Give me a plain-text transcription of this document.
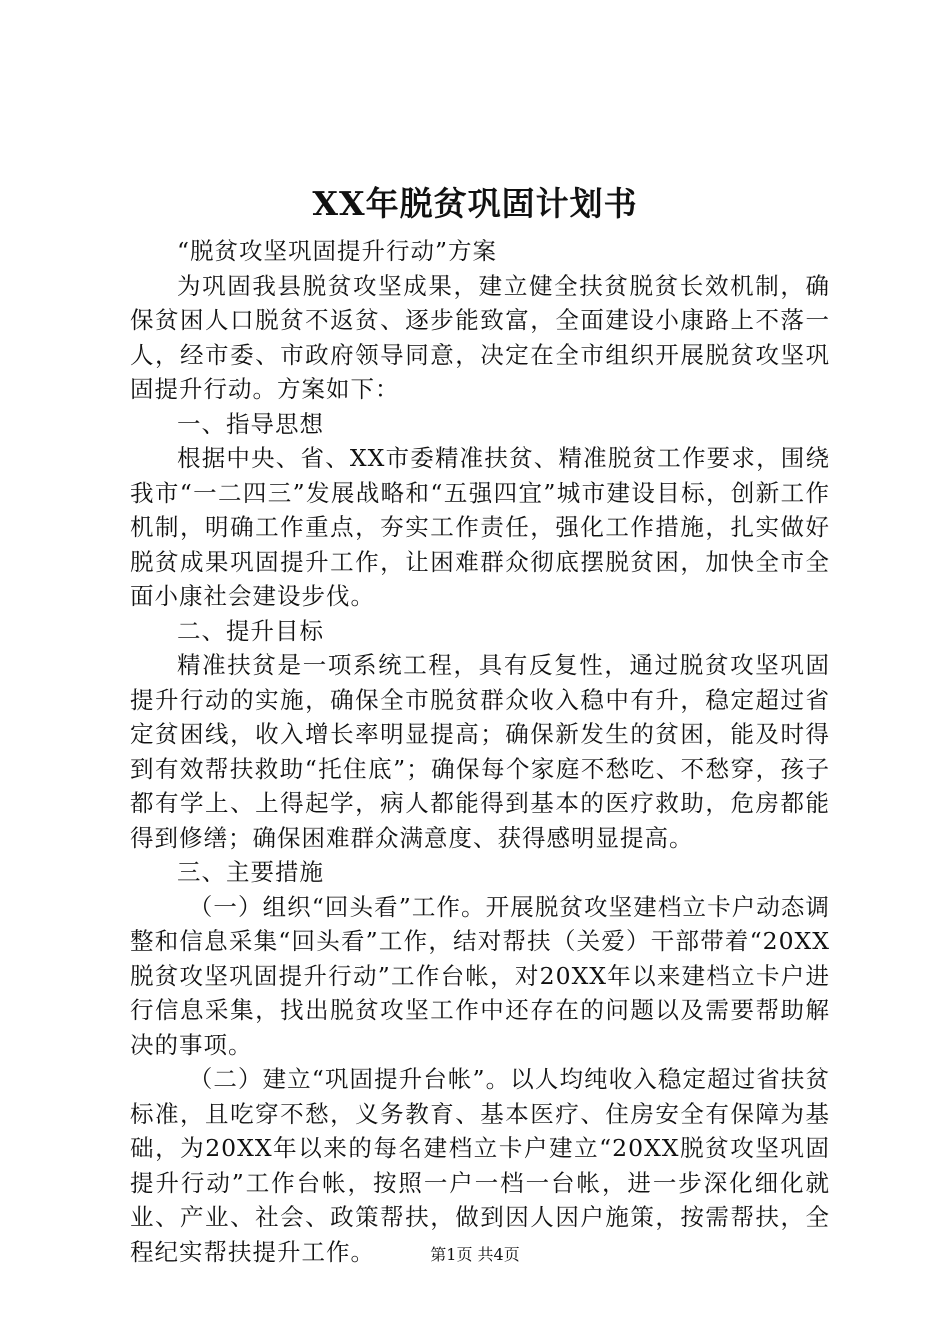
XX年脱贫巩固计划书

“脱贫攻坚巩固提升行动”方案

为巩固我县脱贫攻坚成果，建立健全扶贫脱贫长效机制，确保贫困人口脱贫不返贫、逐步能致富，全面建设小康路上不落一人，经市委、市政府领导同意，决定在全市组织开展脱贫攻坚巩固提升行动。方案如下：

一、指导思想

根据中央、省、XX市委精准扶贫、精准脱贫工作要求，围绕我市“一二四三”发展战略和“五强四宜”城市建设目标，创新工作机制，明确工作重点，夯实工作责任，强化工作措施，扎实做好脱贫成果巩固提升工作，让困难群众彻底摆脱贫困，加快全市全面小康社会建设步伐。

二、提升目标

精准扶贫是一项系统工程，具有反复性，通过脱贫攻坚巩固提升行动的实施，确保全市脱贫群众收入稳中有升，稳定超过省定贫困线，收入增长率明显提高；确保新发生的贫困，能及时得到有效帮扶救助“托住底”；确保每个家庭不愁吃、不愁穿，孩子都有学上、上得起学，病人都能得到基本的医疗救助，危房都能得到修缮；确保困难群众满意度、获得感明显提高。

三、主要措施

（一）组织“回头看”工作。开展脱贫攻坚建档立卡户动态调整和信息采集“回头看”工作，结对帮扶（关爱）干部带着“20XX脱贫攻坚巩固提升行动”工作台帐，对20XX年以来建档立卡户进行信息采集，找出脱贫攻坚工作中还存在的问题以及需要帮助解决的事项。

（二）建立“巩固提升台帐”。以人均纯收入稳定超过省扶贫标准，且吃穿不愁，义务教育、基本医疗、住房安全有保障为基础，为20XX年以来的每名建档立卡户建立“20XX脱贫攻坚巩固提升行动”工作台帐，按照一户一档一台帐，进一步深化细化就业、产业、社会、政策帮扶，做到因人因户施策，按需帮扶，全程纪实帮扶提升工作。	第1页 共4页
